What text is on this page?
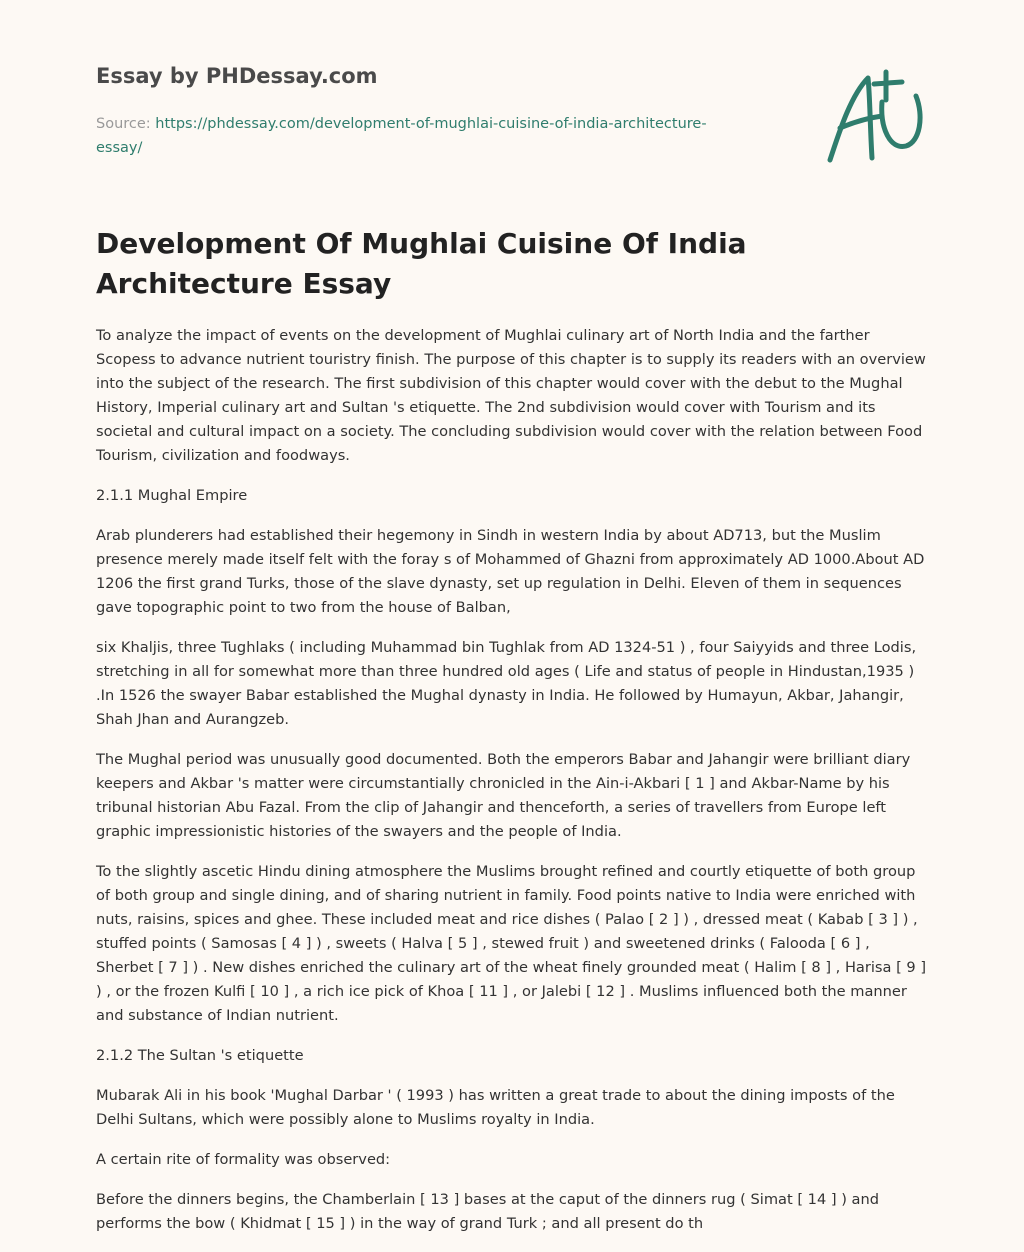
Essay by PHDessay.com
Source: https://phdessay.com/development-of-mughlai-cuisine-of-india-architecture-essay/
Development Of Mughlai Cuisine Of India Architecture Essay

To analyze the impact of events on the development of Mughlai culinary art of North India and the farther Scopess to advance nutrient touristry finish. The purpose of this chapter is to supply its readers with an overview into the subject of the research. The first subdivision of this chapter would cover with the debut to the Mughal History, Imperial culinary art and Sultan 's etiquette. The 2nd subdivision would cover with Tourism and its societal and cultural impact on a society. The concluding subdivision would cover with the relation between Food Tourism, civilization and foodways.

2.1.1 Mughal Empire

Arab plunderers had established their hegemony in Sindh in western India by about AD713, but the Muslim presence merely made itself felt with the foray s of Mohammed of Ghazni from approximately AD 1000.About AD 1206 the first grand Turks, those of the slave dynasty, set up regulation in Delhi. Eleven of them in sequences gave topographic point to two from the house of Balban,

six Khaljis, three Tughlaks ( including Muhammad bin Tughlak from AD 1324-51 ) , four Saiyyids and three Lodis, stretching in all for somewhat more than three hundred old ages ( Life and status of people in Hindustan,1935 ) .In 1526 the swayer Babar established the Mughal dynasty in India. He followed by Humayun, Akbar, Jahangir, Shah Jhan and Aurangzeb.

The Mughal period was unusually good documented. Both the emperors Babar and Jahangir were brilliant diary keepers and Akbar 's matter were circumstantially chronicled in the Ain-i-Akbari [ 1 ] and Akbar-Name by his tribunal historian Abu Fazal. From the clip of Jahangir and thenceforth, a series of travellers from Europe left graphic impressionistic histories of the swayers and the people of India.

To the slightly ascetic Hindu dining atmosphere the Muslims brought refined and courtly etiquette of both group of both group and single dining, and of sharing nutrient in family. Food points native to India were enriched with nuts, raisins, spices and ghee. These included meat and rice dishes ( Palao [ 2 ] ) , dressed meat ( Kabab [ 3 ] ) , stuffed points ( Samosas [ 4 ] ) , sweets ( Halva [ 5 ] , stewed fruit ) and sweetened drinks ( Falooda [ 6 ] , Sherbet [ 7 ] ) . New dishes enriched the culinary art of the wheat finely grounded meat ( Halim [ 8 ] , Harisa [ 9 ] ) , or the frozen Kulfi [ 10 ] , a rich ice pick of Khoa [ 11 ] , or Jalebi [ 12 ] . Muslims influenced both the manner and substance of Indian nutrient.

2.1.2 The Sultan 's etiquette

Mubarak Ali in his book 'Mughal Darbar ' ( 1993 ) has written a great trade to about the dining imposts of the Delhi Sultans, which were possibly alone to Muslims royalty in India.

A certain rite of formality was observed:

Before the dinners begins, the Chamberlain [ 13 ] bases at the caput of the dinners rug ( Simat [ 14 ] ) and performs the bow ( Khidmat [ 15 ] ) in the way of grand Turk ; and all present do th
